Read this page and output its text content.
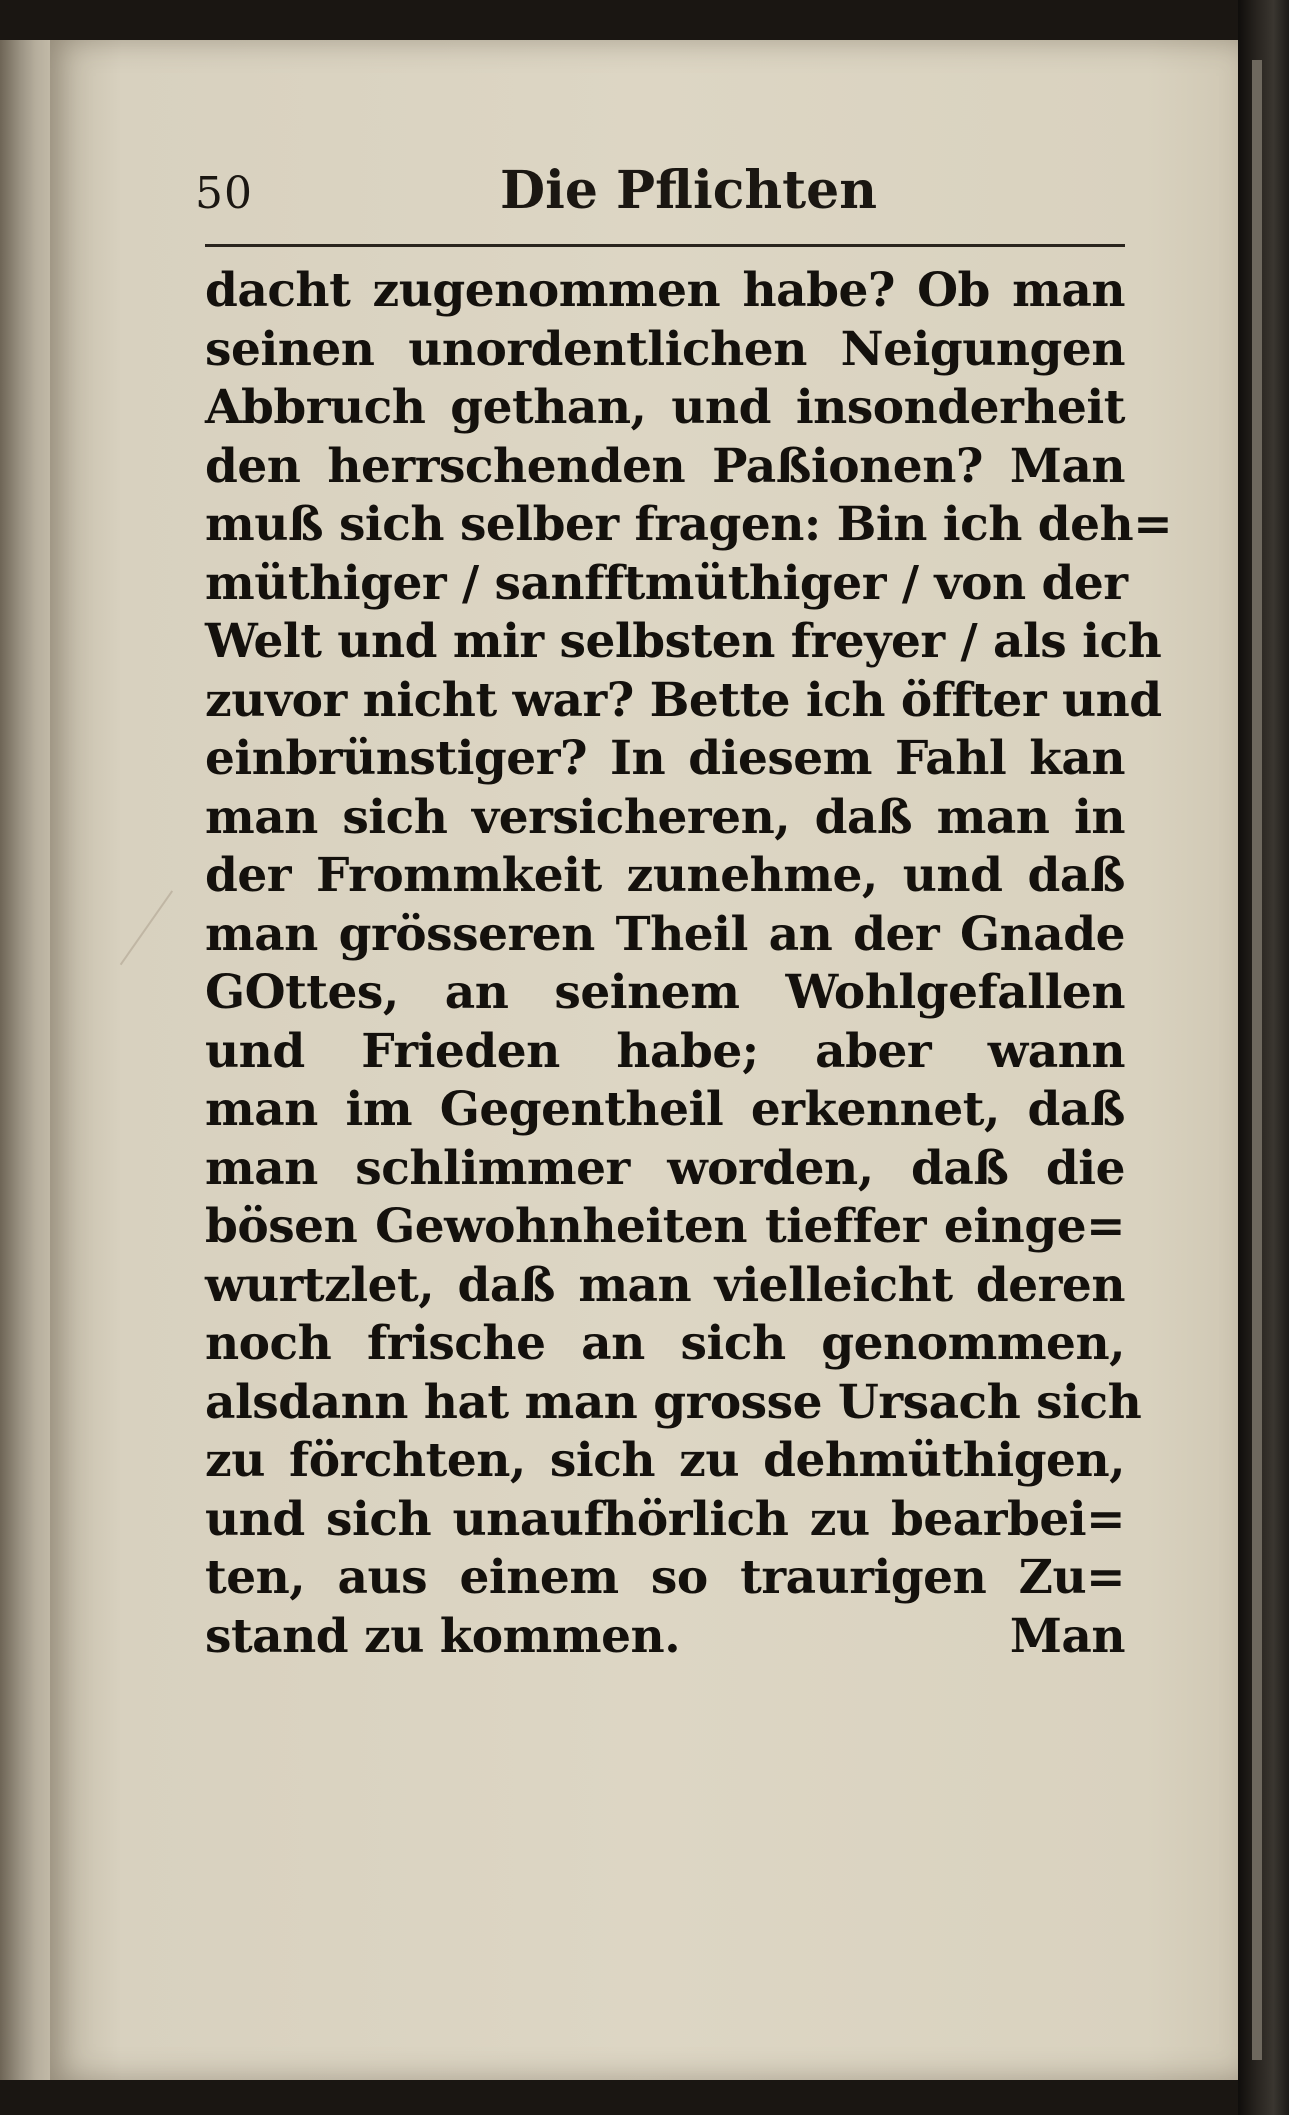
50	Die Pflichten
dacht zugenommen habe? Ob man
seinen unordentlichen Neigungen
Abbruch gethan, und insonderheit
den herrschenden Paßionen? Man
muß sich selber fragen: Bin ich deh=
müthiger / sanfftmüthiger / von der
Welt und mir selbsten freyer / als ich
zuvor nicht war? Bette ich öffter und
einbrünstiger? In diesem Fahl kan
man sich versicheren, daß man in
der Frommkeit zunehme, und daß
man grösseren Theil an der Gnade
GOttes, an seinem Wohlgefallen
und Frieden habe; aber wann
man im Gegentheil erkennet, daß
man schlimmer worden, daß die
bösen Gewohnheiten tieffer einge=
wurtzlet, daß man vielleicht deren
noch frische an sich genommen,
alsdann hat man grosse Ursach sich
zu förchten, sich zu dehmüthigen,
und sich unaufhörlich zu bearbei=
ten, aus einem so traurigen Zu=
stand zu kommen.	Man
